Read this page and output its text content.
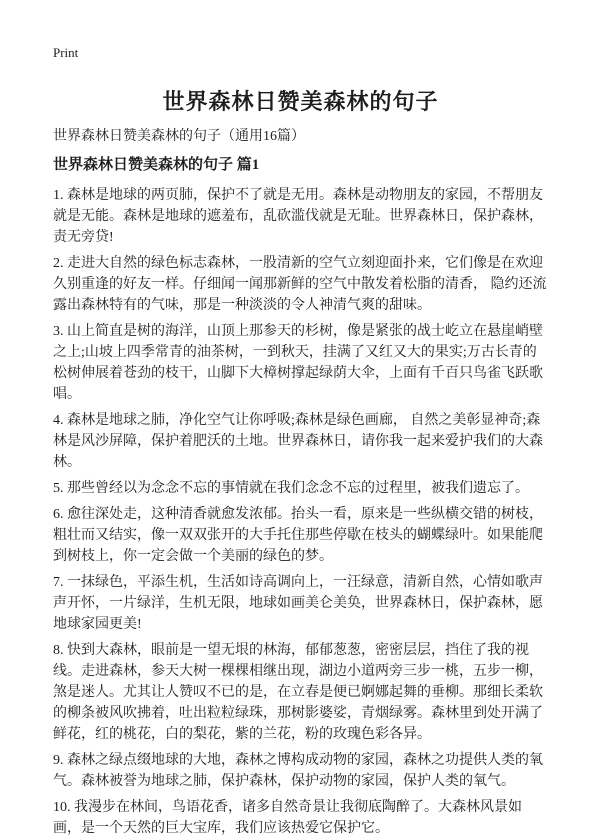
Print
世界森林日赞美森林的句子

世界森林日赞美森林的句子（通用16篇）

世界森林日赞美森林的句子 篇1

1. 森林是地球的两页肺，保护不了就是无用。森林是动物朋友的家园，不帮朋友就是无能。森林是地球的遮羞布，乱砍滥伐就是无耻。世界森林日，保护森林，责无旁贷!

2. 走进大自然的绿色标志森林，一股清新的空气立刻迎面扑来，它们像是在欢迎久别重逢的好友一样。仔细闻一闻那新鲜的空气中散发着松脂的清香， 隐约还流露出森林特有的气味，那是一种淡淡的令人神清气爽的甜味。

3. 山上简直是树的海洋，山顶上那参天的杉树，像是紧张的战士屹立在悬崖峭壁之上;山坡上四季常青的油茶树，一到秋天，挂满了又红又大的果实;万古长青的松树伸展着苍劲的枝干，山脚下大樟树撑起绿荫大伞，上面有千百只鸟雀飞跃歌唱。

4. 森林是地球之肺，净化空气让你呼吸;森林是绿色画廊， 自然之美彰显神奇;森林是风沙屏障，保护着肥沃的土地。世界森林日，请你我一起来爱护我们的大森林。

5. 那些曾经以为念念不忘的事情就在我们念念不忘的过程里，被我们遗忘了。

6. 愈往深处走，这种清香就愈发浓郁。抬头一看，原来是一些纵横交错的树枝，粗壮而又结实，像一双双张开的大手托住那些停歇在枝头的蝴蝶绿叶。如果能爬到树枝上，你一定会做一个美丽的绿色的梦。

7. 一抹绿色，平添生机，生活如诗高调向上，一汪绿意，清新自然，心情如歌声声开怀，一片绿洋，生机无限，地球如画美仑美奂，世界森林日，保护森林，愿地球家园更美!

8. 快到大森林，眼前是一望无垠的林海，郁郁葱葱，密密层层，挡住了我的视线。走进森林，参天大树一棵棵相继出现，湖边小道两旁三步一桃，五步一柳，煞是迷人。尤其让人赞叹不已的是，在立春是便已婀娜起舞的垂柳。那细长柔软的柳条被风吹拂着，吐出粒粒绿珠，那树影婆娑，青烟绿雾。森林里到处开满了鲜花，红的桃花，白的梨花，紫的兰花，粉的玫瑰色彩各异。

9. 森林之绿点缀地球的大地，森林之博构成动物的家园，森林之功提供人类的氧气。森林被誉为地球之肺，保护森林，保护动物的家园，保护人类的氧气。

10. 我漫步在林间，鸟语花香，诸多自然奇景让我彻底陶醉了。大森林风景如画，是一个天然的巨大宝库，我们应该热爱它保护它。
